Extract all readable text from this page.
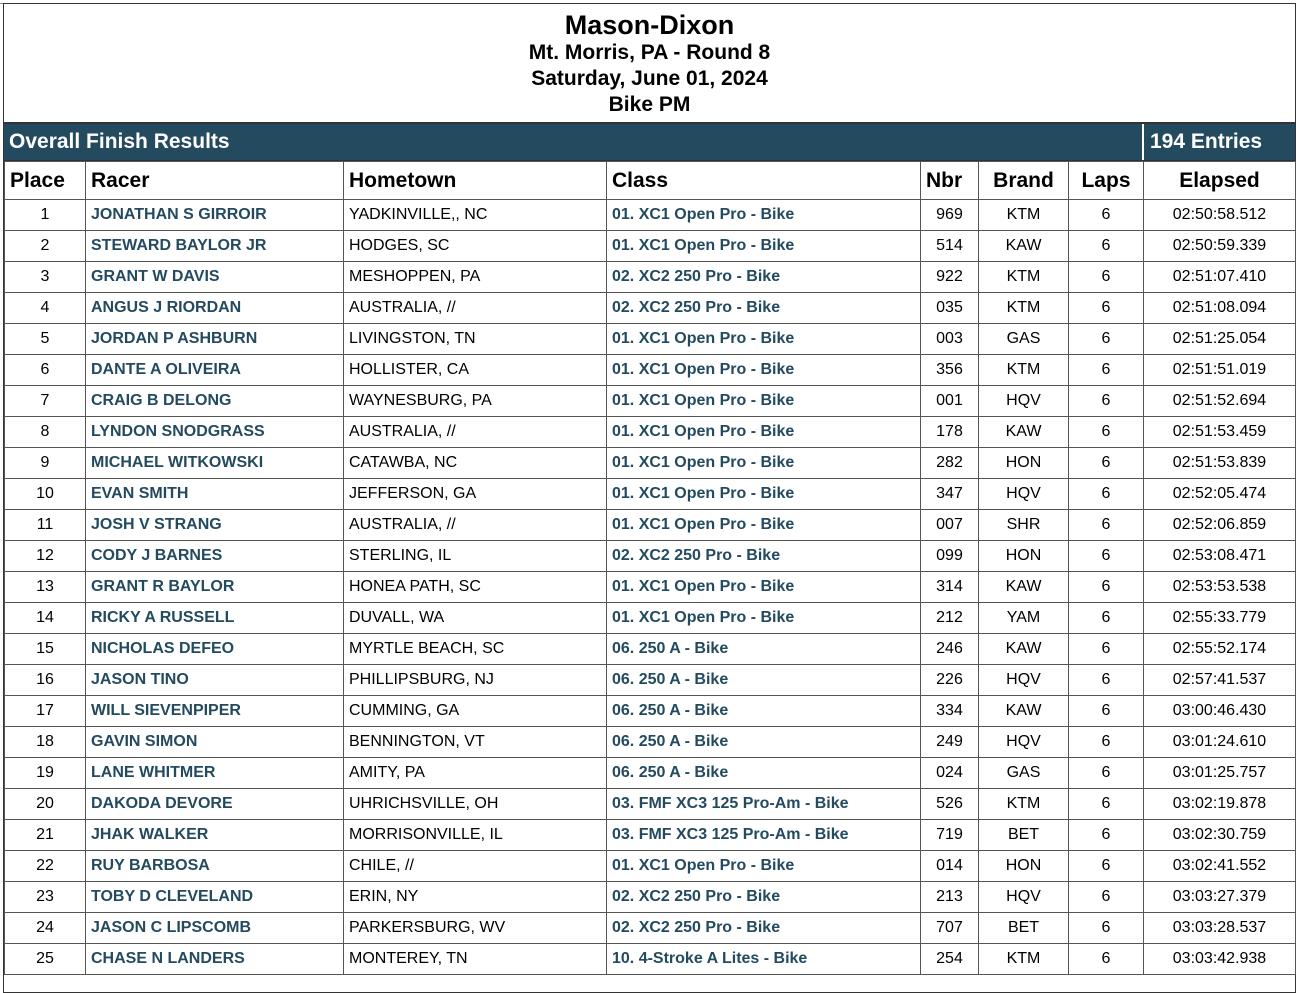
Mason-Dixon
Mt. Morris, PA - Round 8
Saturday, June 01, 2024
Bike PM
Overall Finish Results	194 Entries
Place	Racer	Hometown	Class	Nbr	Brand	Laps	Elapsed
1	JONATHAN S GIRROIR	YADKINVILLE,, NC	01. XC1 Open Pro - Bike	969	KTM	6	02:50:58.512
2	STEWARD BAYLOR JR	HODGES, SC	01. XC1 Open Pro - Bike	514	KAW	6	02:50:59.339
3	GRANT W DAVIS	MESHOPPEN, PA	02. XC2 250 Pro - Bike	922	KTM	6	02:51:07.410
4	ANGUS J RIORDAN	AUSTRALIA, //	02. XC2 250 Pro - Bike	035	KTM	6	02:51:08.094
5	JORDAN P ASHBURN	LIVINGSTON, TN	01. XC1 Open Pro - Bike	003	GAS	6	02:51:25.054
6	DANTE A OLIVEIRA	HOLLISTER, CA	01. XC1 Open Pro - Bike	356	KTM	6	02:51:51.019
7	CRAIG B DELONG	WAYNESBURG, PA	01. XC1 Open Pro - Bike	001	HQV	6	02:51:52.694
8	LYNDON SNODGRASS	AUSTRALIA, //	01. XC1 Open Pro - Bike	178	KAW	6	02:51:53.459
9	MICHAEL WITKOWSKI	CATAWBA, NC	01. XC1 Open Pro - Bike	282	HON	6	02:51:53.839
10	EVAN SMITH	JEFFERSON, GA	01. XC1 Open Pro - Bike	347	HQV	6	02:52:05.474
11	JOSH V STRANG	AUSTRALIA, //	01. XC1 Open Pro - Bike	007	SHR	6	02:52:06.859
12	CODY J BARNES	STERLING, IL	02. XC2 250 Pro - Bike	099	HON	6	02:53:08.471
13	GRANT R BAYLOR	HONEA PATH, SC	01. XC1 Open Pro - Bike	314	KAW	6	02:53:53.538
14	RICKY A RUSSELL	DUVALL, WA	01. XC1 Open Pro - Bike	212	YAM	6	02:55:33.779
15	NICHOLAS DEFEO	MYRTLE BEACH, SC	06. 250 A - Bike	246	KAW	6	02:55:52.174
16	JASON TINO	PHILLIPSBURG, NJ	06. 250 A - Bike	226	HQV	6	02:57:41.537
17	WILL SIEVENPIPER	CUMMING, GA	06. 250 A - Bike	334	KAW	6	03:00:46.430
18	GAVIN SIMON	BENNINGTON, VT	06. 250 A - Bike	249	HQV	6	03:01:24.610
19	LANE WHITMER	AMITY, PA	06. 250 A - Bike	024	GAS	6	03:01:25.757
20	DAKODA DEVORE	UHRICHSVILLE, OH	03. FMF XC3 125 Pro-Am - Bike	526	KTM	6	03:02:19.878
21	JHAK WALKER	MORRISONVILLE, IL	03. FMF XC3 125 Pro-Am - Bike	719	BET	6	03:02:30.759
22	RUY BARBOSA	CHILE, //	01. XC1 Open Pro - Bike	014	HON	6	03:02:41.552
23	TOBY D CLEVELAND	ERIN, NY	02. XC2 250 Pro - Bike	213	HQV	6	03:03:27.379
24	JASON C LIPSCOMB	PARKERSBURG, WV	02. XC2 250 Pro - Bike	707	BET	6	03:03:28.537
25	CHASE N LANDERS	MONTEREY, TN	10. 4-Stroke A Lites - Bike	254	KTM	6	03:03:42.938
